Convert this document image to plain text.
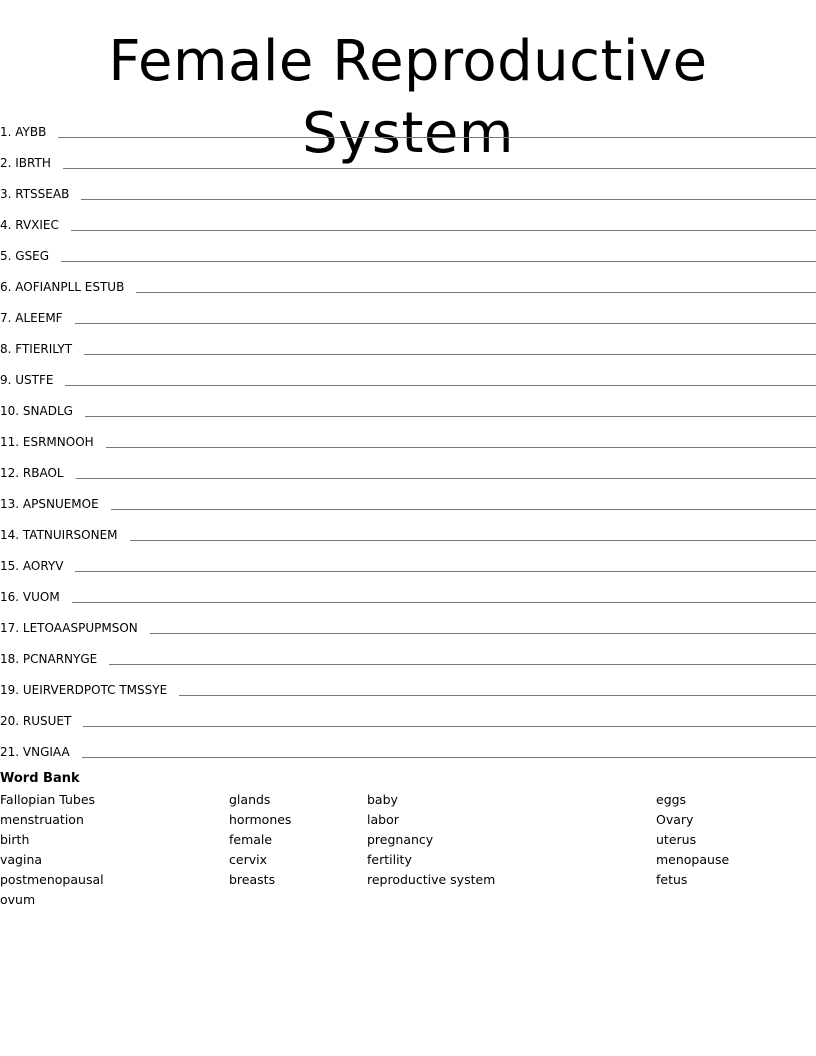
Female Reproductive System
1. AYBB
2. IBRTH
3. RTSSEAB
4. RVXIEC
5. GSEG
6. AOFIANPLL ESTUB
7. ALEEMF
8. FTIERILYT
9. USTFE
10. SNADLG
11. ESRMNOOH
12. RBAOL
13. APSNUEMOE
14. TATNUIRSONEM
15. AORYV
16. VUOM
17. LETOAASPUPMSON
18. PCNARNYGE
19. UEIRVERDPOTC TMSSYE
20. RUSUET
21. VNGIAA
Word Bank
Fallopian Tubes
menstruation
birth
vagina
postmenopausal
ovum
glands
hormones
female
cervix
breasts
baby
labor
pregnancy
fertility
reproductive system
eggs
Ovary
uterus
menopause
fetus
